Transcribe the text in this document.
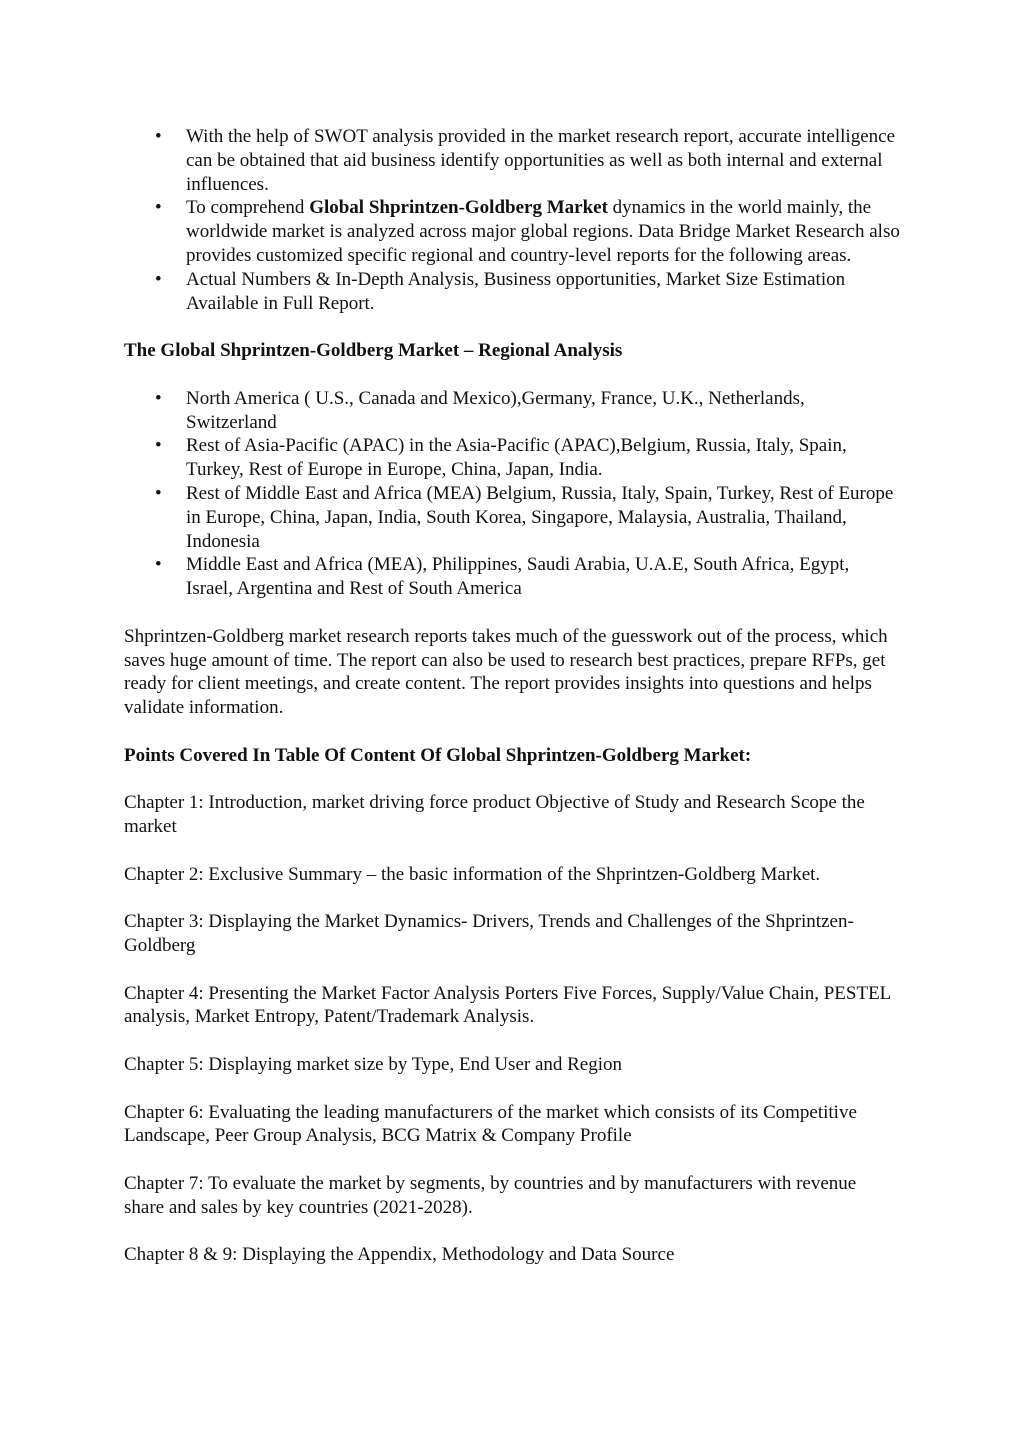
• With the help of SWOT analysis provided in the market research report, accurate intelligence can be obtained that aid business identify opportunities as well as both internal and external influences.
• To comprehend Global Shprintzen-Goldberg Market dynamics in the world mainly, the worldwide market is analyzed across major global regions. Data Bridge Market Research also provides customized specific regional and country-level reports for the following areas.
• Actual Numbers & In-Depth Analysis, Business opportunities, Market Size Estimation Available in Full Report.

The Global Shprintzen-Goldberg Market – Regional Analysis

• North America ( U.S., Canada and Mexico),Germany, France, U.K., Netherlands, Switzerland
• Rest of Asia-Pacific (APAC) in the Asia-Pacific (APAC),Belgium, Russia, Italy, Spain, Turkey, Rest of Europe in Europe, China, Japan, India.
• Rest of Middle East and Africa (MEA) Belgium, Russia, Italy, Spain, Turkey, Rest of Europe in Europe, China, Japan, India, South Korea, Singapore, Malaysia, Australia, Thailand, Indonesia
• Middle East and Africa (MEA), Philippines, Saudi Arabia, U.A.E, South Africa, Egypt, Israel, Argentina and Rest of South America

Shprintzen-Goldberg market research reports takes much of the guesswork out of the process, which saves huge amount of time. The report can also be used to research best practices, prepare RFPs, get ready for client meetings, and create content. The report provides insights into questions and helps validate information.

Points Covered In Table Of Content Of Global Shprintzen-Goldberg Market:

Chapter 1: Introduction, market driving force product Objective of Study and Research Scope the market

Chapter 2: Exclusive Summary – the basic information of the Shprintzen-Goldberg Market.

Chapter 3: Displaying the Market Dynamics- Drivers, Trends and Challenges of the Shprintzen-Goldberg

Chapter 4: Presenting the Market Factor Analysis Porters Five Forces, Supply/Value Chain, PESTEL analysis, Market Entropy, Patent/Trademark Analysis.

Chapter 5: Displaying market size by Type, End User and Region

Chapter 6: Evaluating the leading manufacturers of the market which consists of its Competitive Landscape, Peer Group Analysis, BCG Matrix & Company Profile

Chapter 7: To evaluate the market by segments, by countries and by manufacturers with revenue share and sales by key countries (2021-2028).

Chapter 8 & 9: Displaying the Appendix, Methodology and Data Source
